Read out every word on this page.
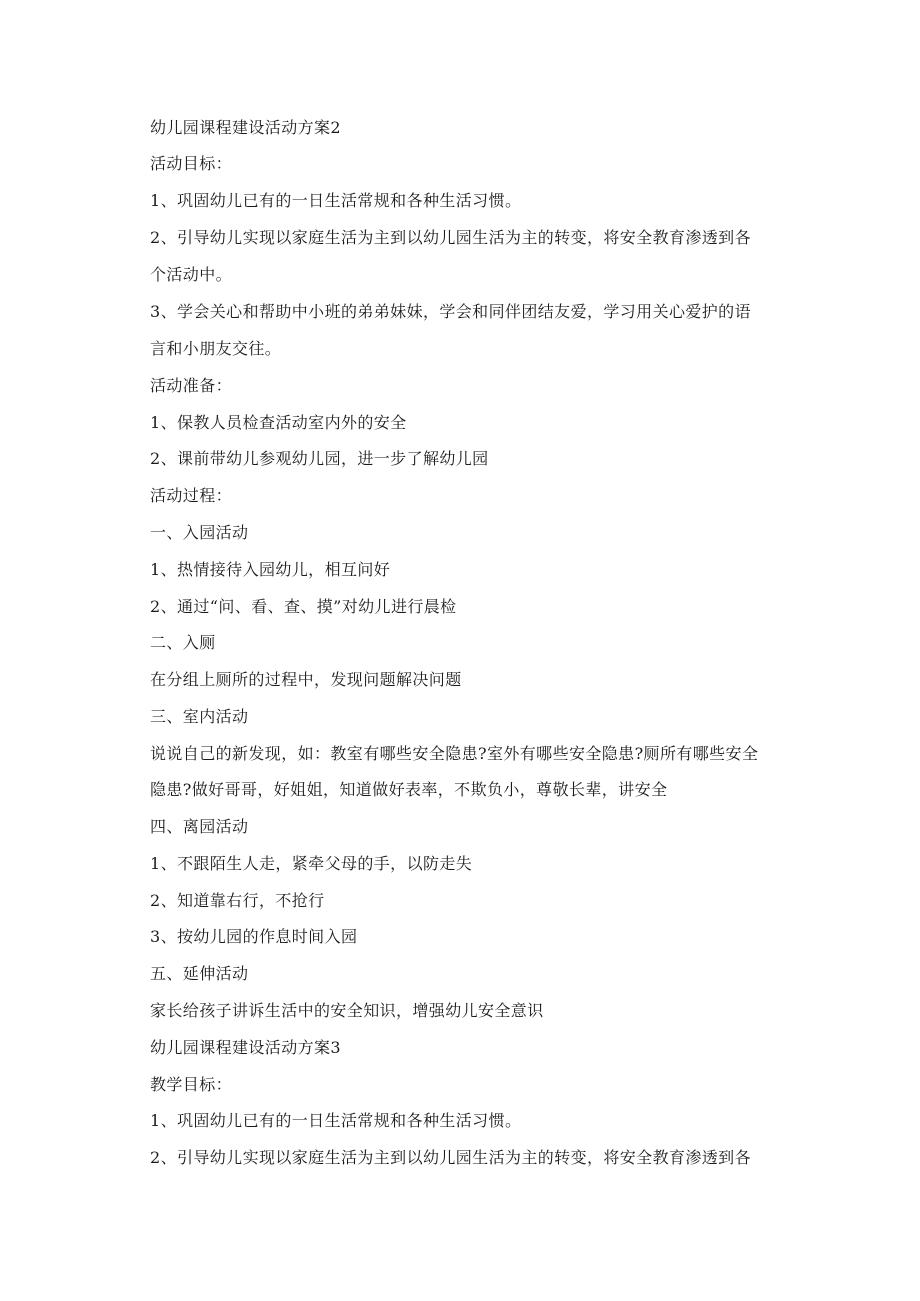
幼儿园课程建设活动方案2
活动目标：
1、巩固幼儿已有的一日生活常规和各种生活习惯。
2、引导幼儿实现以家庭生活为主到以幼儿园生活为主的转变，将安全教育渗透到各
个活动中。
3、学会关心和帮助中小班的弟弟妹妹，学会和同伴团结友爱，学习用关心爱护的语
言和小朋友交往。
活动准备：
1、保教人员检查活动室内外的安全
2、课前带幼儿参观幼儿园，进一步了解幼儿园
活动过程：
一、入园活动
1、热情接待入园幼儿，相互问好
2、通过“问、看、查、摸”对幼儿进行晨检
二、入厕
在分组上厕所的过程中，发现问题解决问题
三、室内活动
说说自己的新发现，如：教室有哪些安全隐患?室外有哪些安全隐患?厕所有哪些安全
隐患?做好哥哥，好姐姐，知道做好表率，不欺负小，尊敬长辈，讲安全
四、离园活动
1、不跟陌生人走，紧牵父母的手，以防走失
2、知道靠右行，不抢行
3、按幼儿园的作息时间入园
五、延伸活动
家长给孩子讲诉生活中的安全知识，增强幼儿安全意识
幼儿园课程建设活动方案3
教学目标：
1、巩固幼儿已有的一日生活常规和各种生活习惯。
2、引导幼儿实现以家庭生活为主到以幼儿园生活为主的转变，将安全教育渗透到各
